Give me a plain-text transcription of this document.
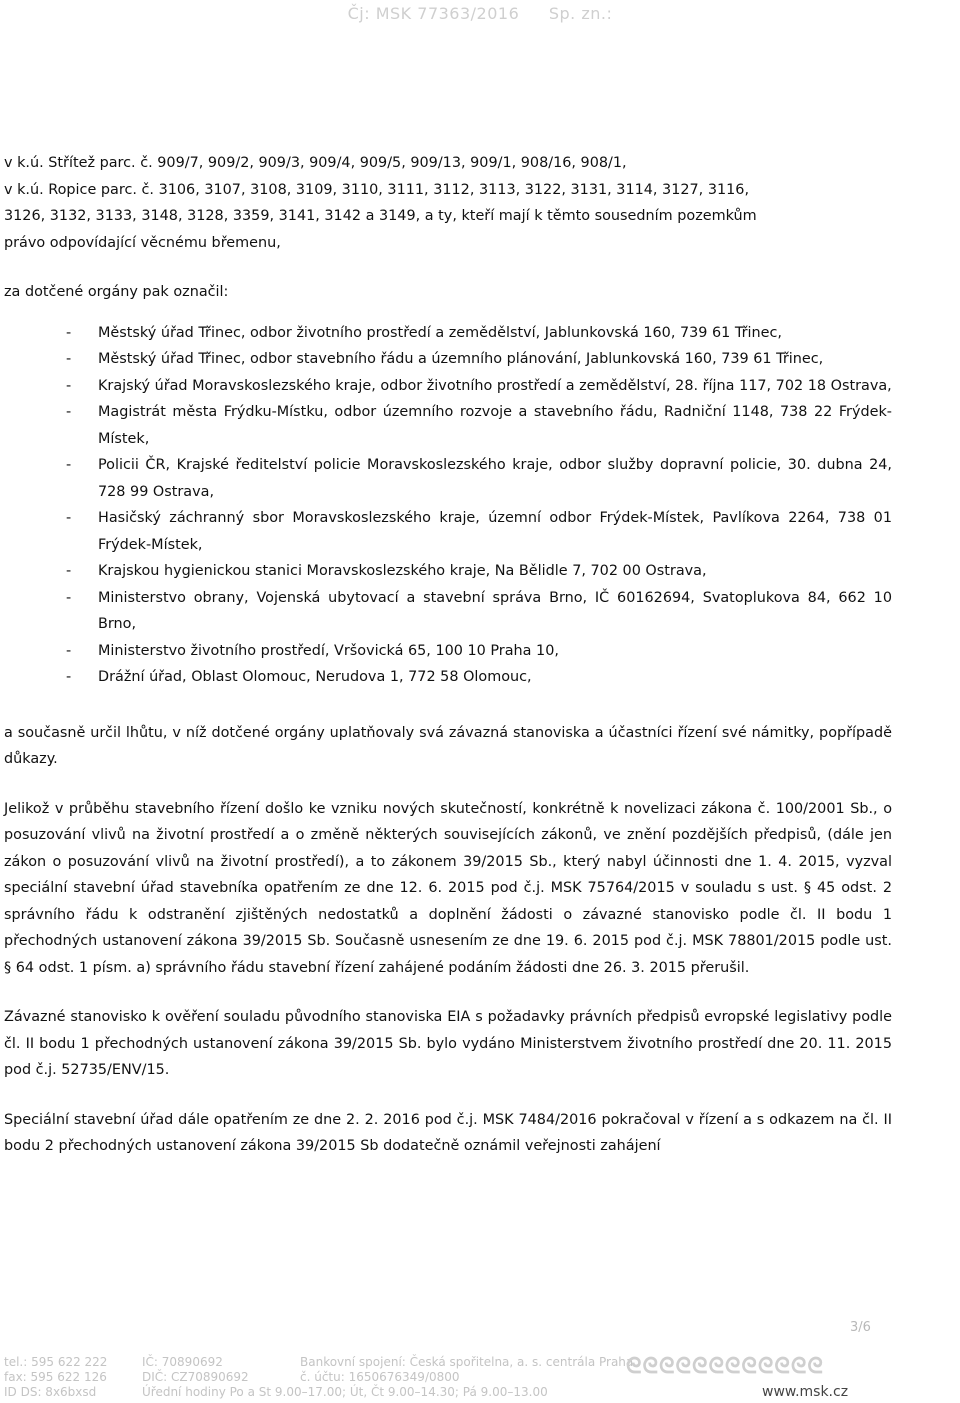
Čj: MSK 77363/2016 Sp. zn.:

v k.ú. Střítež parc. č. 909/7, 909/2, 909/3, 909/4, 909/5, 909/13, 909/1, 908/16, 908/1,
v k.ú. Ropice parc. č. 3106, 3107, 3108, 3109, 3110, 3111, 3112, 3113, 3122, 3131, 3114, 3127, 3116,
3126, 3132, 3133, 3148, 3128, 3359, 3141, 3142 a 3149, a ty, kteří mají k těmto sousedním pozemkům
právo odpovídající věcnému břemenu,

za dotčené orgány pak označil:

- Městský úřad Třinec, odbor životního prostředí a zemědělství, Jablunkovská 160, 739 61 Třinec,
- Městský úřad Třinec, odbor stavebního řádu a územního plánování, Jablunkovská 160, 739 61 Třinec,
- Krajský úřad Moravskoslezského kraje, odbor životního prostředí a zemědělství, 28. října 117, 702 18 Ostrava,
- Magistrát města Frýdku-Místku, odbor územního rozvoje a stavebního řádu, Radniční 1148, 738 22 Frýdek-Místek,
- Policii ČR, Krajské ředitelství policie Moravskoslezského kraje, odbor služby dopravní policie, 30. dubna 24, 728 99 Ostrava,
- Hasičský záchranný sbor Moravskoslezského kraje, územní odbor Frýdek-Místek, Pavlíkova 2264, 738 01 Frýdek-Místek,
- Krajskou hygienickou stanici Moravskoslezského kraje, Na Bělidle 7, 702 00 Ostrava,
- Ministerstvo obrany, Vojenská ubytovací a stavební správa Brno, IČ 60162694, Svatoplukova 84, 662 10 Brno,
- Ministerstvo životního prostředí, Vršovická 65, 100 10 Praha 10,
- Drážní úřad, Oblast Olomouc, Nerudova 1, 772 58 Olomouc,

a současně určil lhůtu, v níž dotčené orgány uplatňovaly svá závazná stanoviska a účastníci řízení své námitky, popřípadě důkazy.

Jelikož v průběhu stavebního řízení došlo ke vzniku nových skutečností, konkrétně k novelizaci zákona č. 100/2001 Sb., o posuzování vlivů na životní prostředí a o změně některých souvisejících zákonů, ve znění pozdějších předpisů, (dále jen zákon o posuzování vlivů na životní prostředí), a to zákonem 39/2015 Sb., který nabyl účinnosti dne 1. 4. 2015, vyzval speciální stavební úřad stavebníka opatřením ze dne 12. 6. 2015 pod č.j. MSK 75764/2015 v souladu s ust. § 45 odst. 2 správního řádu k odstranění zjištěných nedostatků a doplnění žádosti o závazné stanovisko podle čl. II bodu 1 přechodných ustanovení zákona 39/2015 Sb. Současně usnesením ze dne 19. 6. 2015 pod č.j. MSK 78801/2015 podle ust. § 64 odst. 1 písm. a) správního řádu stavební řízení zahájené podáním žádosti dne 26. 3. 2015 přerušil.

Závazné stanovisko k ověření souladu původního stanoviska EIA s požadavky právních předpisů evropské legislativy podle čl. II bodu 1 přechodných ustanovení zákona 39/2015 Sb. bylo vydáno Ministerstvem životního prostředí dne 20. 11. 2015 pod č.j. 52735/ENV/15.

Speciální stavební úřad dále opatřením ze dne 2. 2. 2016 pod č.j. MSK 7484/2016 pokračoval v řízení a s odkazem na čl. II bodu 2 přechodných ustanovení zákona 39/2015 Sb dodatečně oznámil veřejnosti zahájení

3/6
tel.: 595 622 222
fax: 595 622 126
ID DS: 8x6bxsd
IČ: 70890692
DIČ: CZ70890692
Úřední hodiny Po a St 9.00–17.00; Út, Čt 9.00–14.30; Pá 9.00–13.00
Bankovní spojení: Česká spořitelna, a. s. centrála Praha
č. účtu: 1650676349/0800	ᘓᘓᘓᘓᘓᘓᘓᘓᘓᘓᘓᘓ
www.msk.cz
